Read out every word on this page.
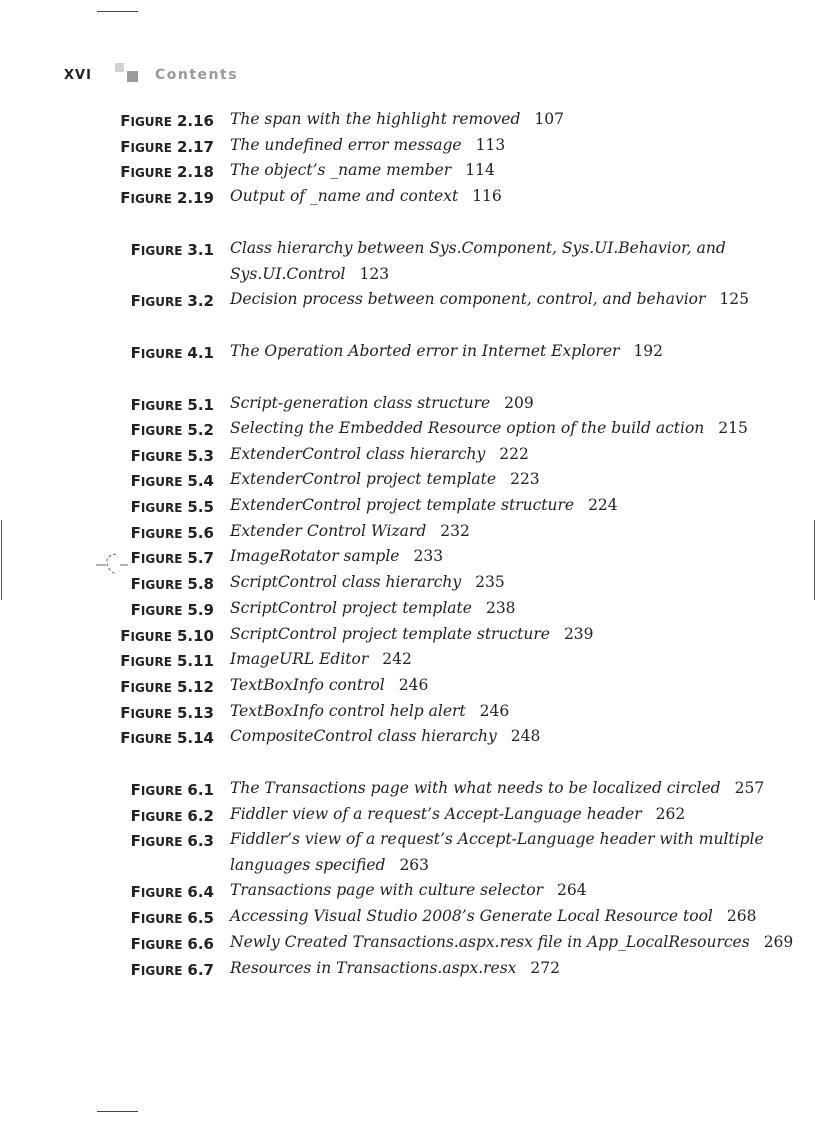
XVI	Contents
FIGURE 2.16 The span with the highlight removed 107
FIGURE 2.17 The undefined error message 113
FIGURE 2.18 The object’s _name member 114
FIGURE 2.19 Output of _name and context 116
FIGURE 3.1 Class hierarchy between Sys.Component, Sys.UI.Behavior, and
Sys.UI.Control 123
FIGURE 3.2 Decision process between component, control, and behavior 125
FIGURE 4.1 The Operation Aborted error in Internet Explorer 192
FIGURE 5.1 Script-generation class structure 209
FIGURE 5.2 Selecting the Embedded Resource option of the build action 215
FIGURE 5.3 ExtenderControl class hierarchy 222
FIGURE 5.4 ExtenderControl project template 223
FIGURE 5.5 ExtenderControl project template structure 224
FIGURE 5.6 Extender Control Wizard 232
FIGURE 5.7 ImageRotator sample 233
FIGURE 5.8 ScriptControl class hierarchy 235
FIGURE 5.9 ScriptControl project template 238
FIGURE 5.10 ScriptControl project template structure 239
FIGURE 5.11 ImageURL Editor 242
FIGURE 5.12 TextBoxInfo control 246
FIGURE 5.13 TextBoxInfo control help alert 246
FIGURE 5.14 CompositeControl class hierarchy 248
FIGURE 6.1 The Transactions page with what needs to be localized circled 257
FIGURE 6.2 Fiddler view of a request’s Accept-Language header 262
FIGURE 6.3 Fiddler’s view of a request’s Accept-Language header with multiple
languages specified 263
FIGURE 6.4 Transactions page with culture selector 264
FIGURE 6.5 Accessing Visual Studio 2008’s Generate Local Resource tool 268
FIGURE 6.6 Newly Created Transactions.aspx.resx file in App_LocalResources 269
FIGURE 6.7 Resources in Transactions.aspx.resx 272
